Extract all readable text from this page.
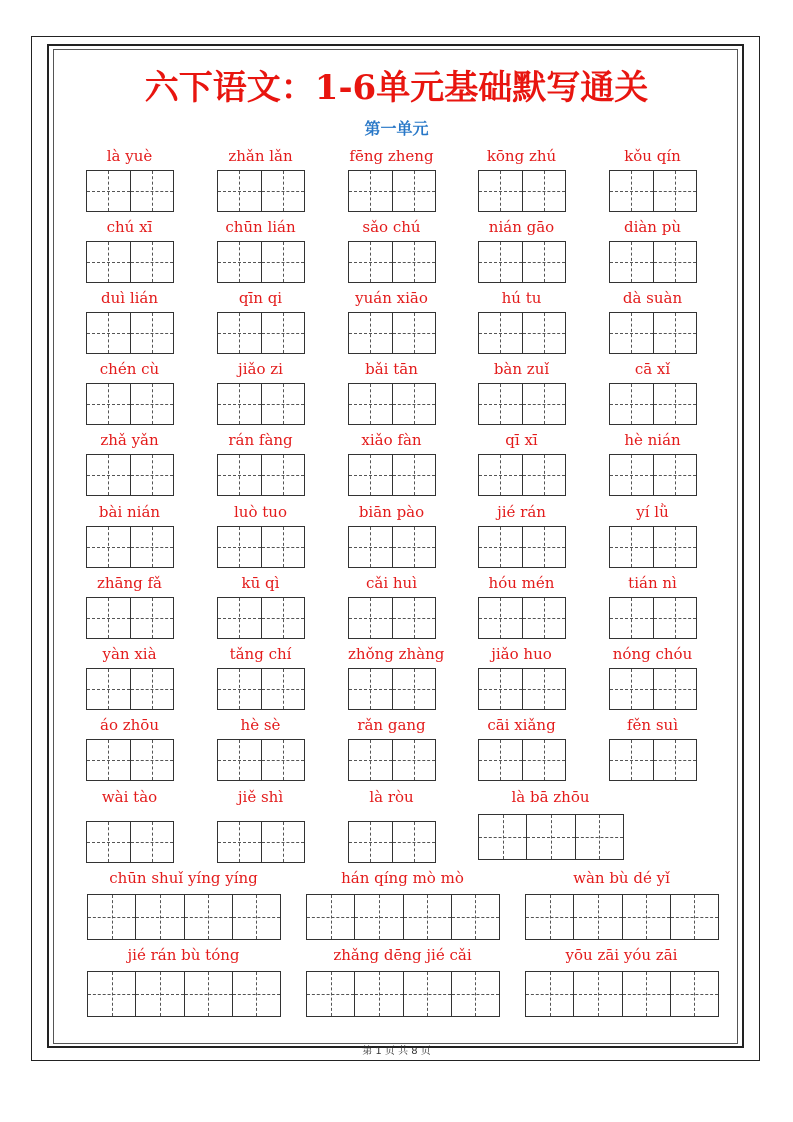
六下语文：1-6单元基础默写通关
第一单元
là yuè	zhǎn lǎn	fēng zheng	kōng zhú	kǒu qín
chú xī	chūn lián	sǎo chú	nián gāo	diàn pù
duì lián	qīn qi	yuán xiāo	hú tu	dà suàn
chén cù	jiǎo zi	bǎi tān	bàn zuǐ	cā xǐ
zhǎ yǎn	rán fàng	xiǎo fàn	qī xī	hè nián
bài nián	luò tuo	biān pào	jié rán	yí lǜ
zhāng fǎ	kū qì	cǎi huì	hóu mén	tián nì
yàn xià	tǎng chí	zhǒng zhàng	jiǎo huo	nóng chóu
áo zhōu	hè sè	rǎn gang	cāi xiǎng	fěn suì
wài tào	jiě shì	là ròu	là bā zhōu
chūn shuǐ yíng yíng	hán qíng mò mò	wàn bù dé yǐ
jié rán bù tóng	zhǎng dēng jié cǎi	yōu zāi yóu zāi
第 1 页 共 8 页
